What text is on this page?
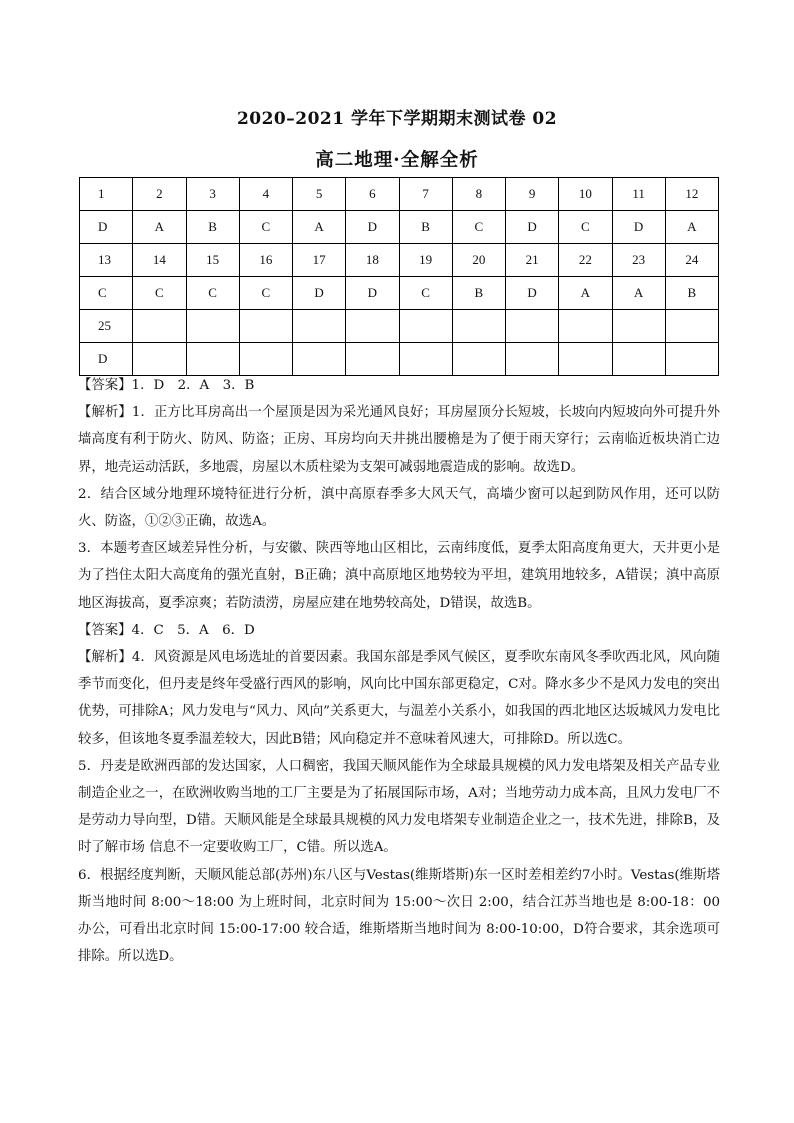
2020–2021 学年下学期期末测试卷 02
高二地理·全解全析
1	2	3	4	5	6	7	8	9	10	11	12
D	A	B	C	A	D	B	C	D	C	D	A
13	14	15	16	17	18	19	20	21	22	23	24
C	C	C	C	D	D	C	B	D	A	A	B
25											
D											

【答案】1．D　2．A　3．B

【解析】1．正方比耳房高出一个屋顶是因为采光通风良好；耳房屋顶分长短坡，长坡向内短坡向外可提升外墙高度有利于防火、防风、防盗；正房、耳房均向天井挑出腰檐是为了便于雨天穿行；云南临近板块消亡边界，地壳运动活跃，多地震，房屋以木质柱梁为支架可减弱地震造成的影响。故选D。

2．结合区域分地理环境特征进行分析，滇中高原春季多大风天气，高墙少窗可以起到防风作用，还可以防火、防盗，①②③正确，故选A。

3．本题考查区域差异性分析，与安徽、陕西等地山区相比，云南纬度低，夏季太阳高度角更大，天井更小是为了挡住太阳大高度角的强光直射，B正确；滇中高原地区地势较为平坦，建筑用地较多，A错误；滇中高原地区海拔高，夏季凉爽；若防渍涝，房屋应建在地势较高处，D错误，故选B。

【答案】4．C　5．A　6．D

【解析】4．风资源是风电场选址的首要因素。我国东部是季风气候区，夏季吹东南风冬季吹西北风，风向随季节而变化，但丹麦是终年受盛行西风的影响，风向比中国东部更稳定，C对。降水多少不是风力发电的突出优势，可排除A；风力发电与“风力、风向”关系更大，与温差小关系小，如我国的西北地区达坂城风力发电比较多，但该地冬夏季温差较大，因此B错；风向稳定并不意味着风速大，可排除D。所以选C。

5．丹麦是欧洲西部的发达国家，人口稠密，我国天顺风能作为全球最具规模的风力发电塔架及相关产品专业制造企业之一，在欧洲收购当地的工厂主要是为了拓展国际市场，A对；当地劳动力成本高，且风力发电厂不是劳动力导向型，D错。天顺风能是全球最具规模的风力发电塔架专业制造企业之一，技术先进，排除B，及时了解市场 信息不一定要收购工厂，C错。所以选A。

6．根据经度判断，天顺风能总部(苏州)东八区与Vestas(维斯塔斯)东一区时差相差约7小时。Vestas(维斯塔斯当地时间 8:00～18:00 为上班时间，北京时间为 15:00～次日 2:00，结合江苏当地也是 8:00-18：00 办公，可看出北京时间 15:00-17:00 较合适，维斯塔斯当地时间为 8:00-10:00，D符合要求，其余选项可排除。所以选D。
